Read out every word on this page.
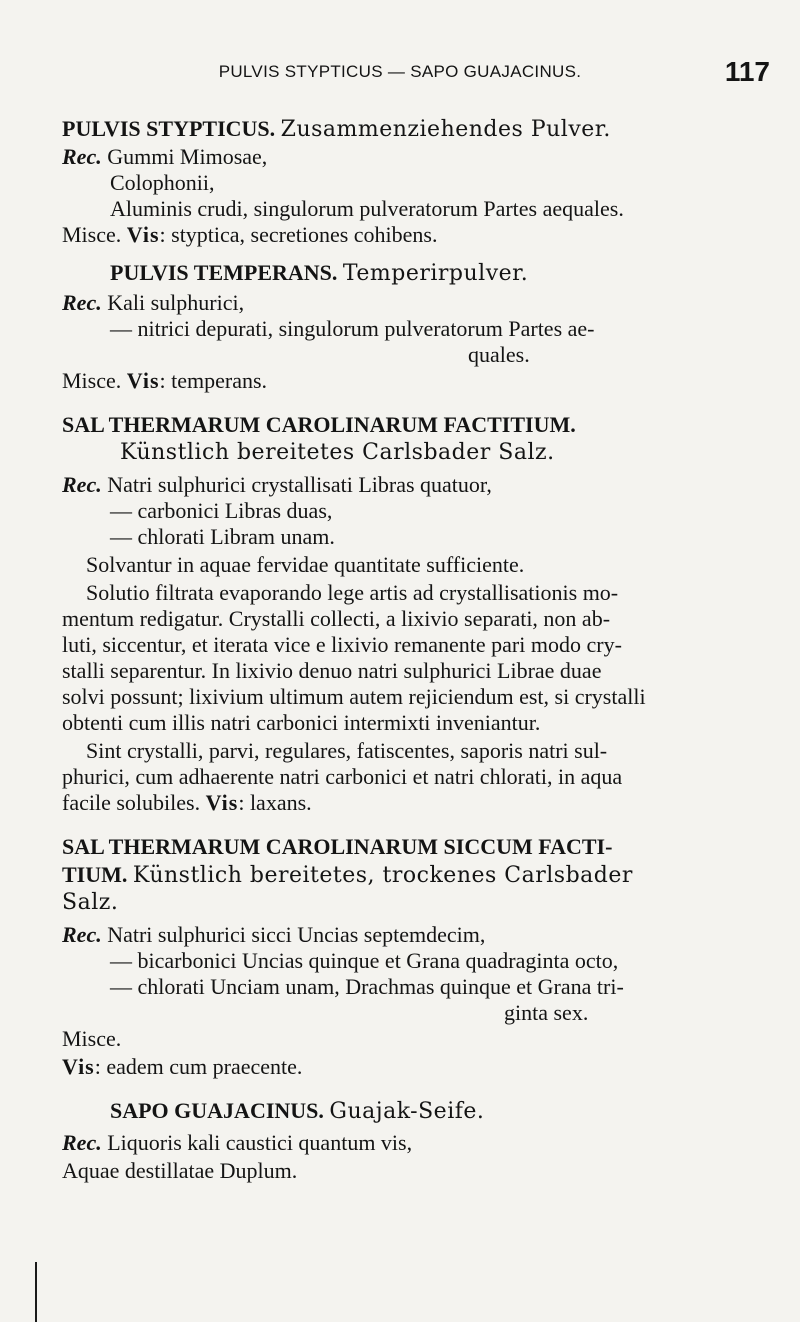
PULVIS STYPTICUS — SAPO GUAJACINUS.	117
PULVIS STYPTICUS. Zusammenziehendes Pulver.
Rec. Gummi Mimosae,
Colophonii,
Aluminis crudi, singulorum pulveratorum Partes aequales.
Misce. Vis: styptica, secretiones cohibens.
PULVIS TEMPERANS. Temperirpulver.
Rec. Kali sulphurici,
— nitrici depurati, singulorum pulveratorum Partes ae-
quales.
Misce. Vis: temperans.
SAL THERMARUM CAROLINARUM FACTITIUM.
Künstlich bereitetes Carlsbader Salz.
Rec. Natri sulphurici crystallisati Libras quatuor,
— carbonici Libras duas,
— chlorati Libram unam.
Solvantur in aquae fervidae quantitate sufficiente.
Solutio filtrata evaporando lege artis ad crystallisationis mo-
mentum redigatur. Crystalli collecti, a lixivio separati, non ab-
luti, siccentur, et iterata vice e lixivio remanente pari modo cry-
stalli separentur. In lixivio denuo natri sulphurici Librae duae
solvi possunt; lixivium ultimum autem rejiciendum est, si crystalli
obtenti cum illis natri carbonici intermixti inveniantur.
Sint crystalli, parvi, regulares, fatiscentes, saporis natri sul-
phurici, cum adhaerente natri carbonici et natri chlorati, in aqua
facile solubiles. Vis: laxans.
SAL THERMARUM CAROLINARUM SICCUM FACTI-
TIUM. Künstlich bereitetes, trockenes Carlsbader
Salz.
Rec. Natri sulphurici sicci Uncias septemdecim,
— bicarbonici Uncias quinque et Grana quadraginta octo,
— chlorati Unciam unam, Drachmas quinque et Grana tri-
ginta sex.
Misce.
Vis: eadem cum praecente.
SAPO GUAJACINUS. Guajak-Seife.
Rec. Liquoris kali caustici quantum vis,
Aquae destillatae Duplum.
